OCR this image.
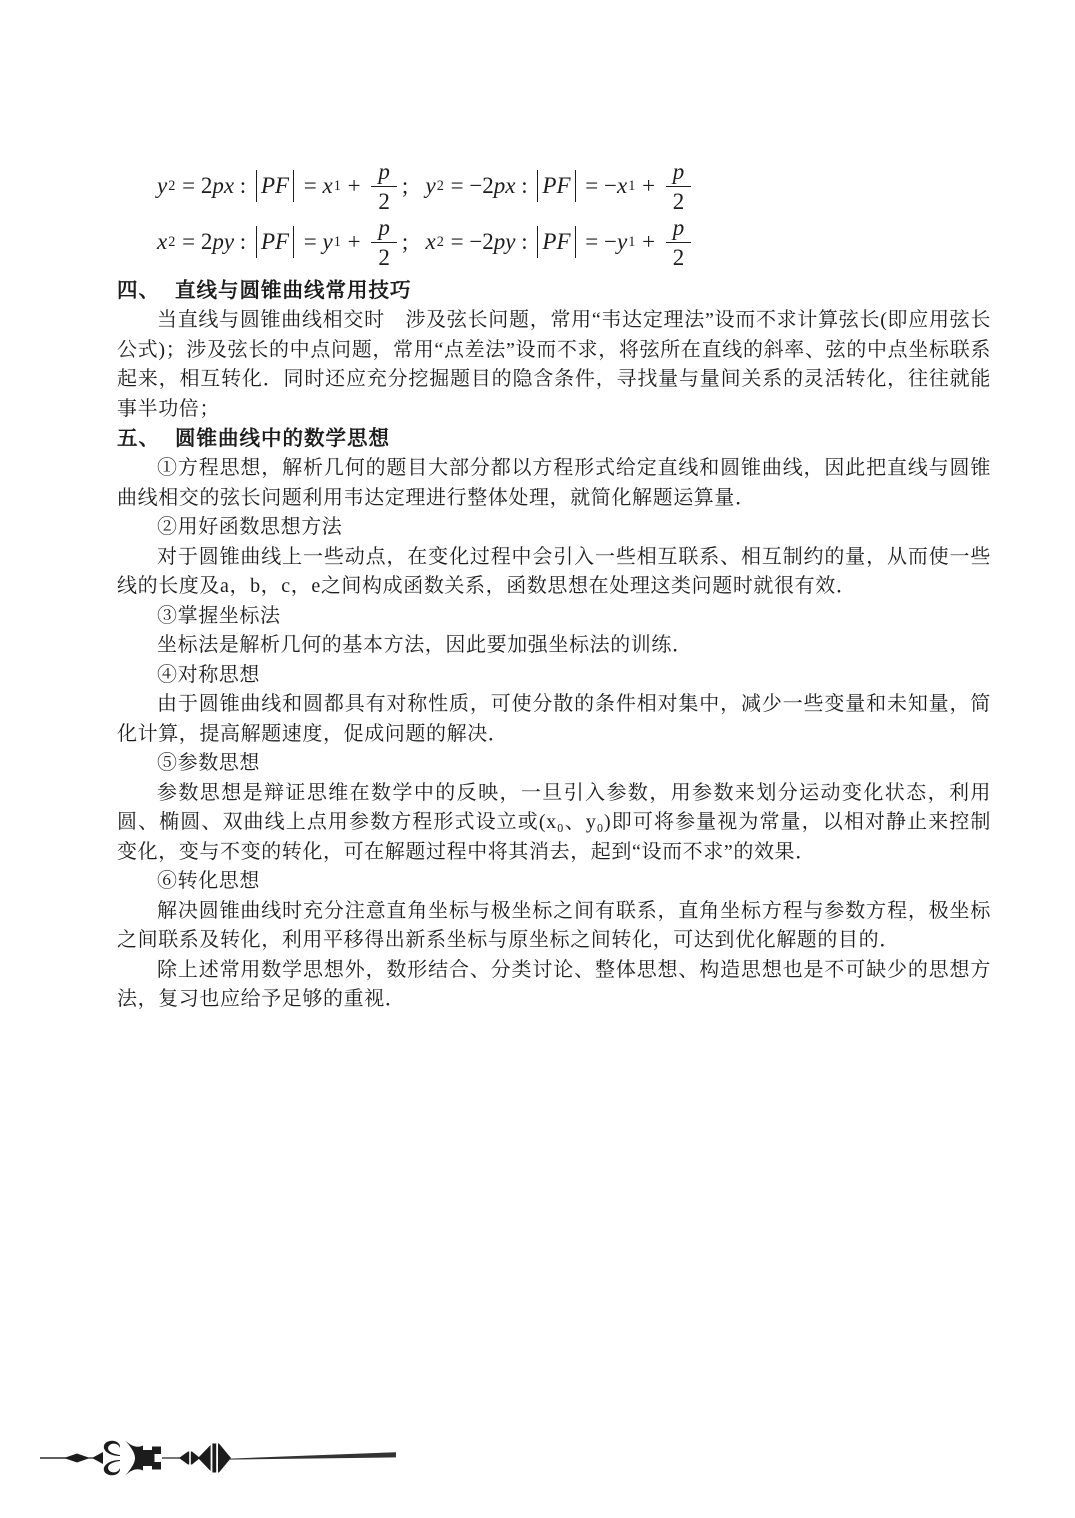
y 2 = 2 px : PF = x $1 + \frac{p}{2}$ ; y 2 = −2 px : PF = − x $1 + \frac{p}{2}$
x 2 = 2 py : PF = y $1 + \frac{p}{2}$ ; x 2 = −2 py : PF = − y $1 + \frac{p}{2}$
四、 直线与圆锥曲线常用技巧

当直线与圆锥曲线相交时　涉及弦长问题，常用“韦达定理法”设而不求计算弦长(即应用弦长公式)；涉及弦长的中点问题，常用“点差法”设而不求，将弦所在直线的斜率、弦的中点坐标联系起来，相互转化．同时还应充分挖掘题目的隐含条件，寻找量与量间关系的灵活转化，往往就能事半功倍；

五、 圆锥曲线中的数学思想

①方程思想，解析几何的题目大部分都以方程形式给定直线和圆锥曲线，因此把直线与圆锥曲线相交的弦长问题利用韦达定理进行整体处理，就简化解题运算量．

②用好函数思想方法

对于圆锥曲线上一些动点，在变化过程中会引入一些相互联系、相互制约的量，从而使一些线的长度及a，b，c，e之间构成函数关系，函数思想在处理这类问题时就很有效．

③掌握坐标法

坐标法是解析几何的基本方法，因此要加强坐标法的训练．

④对称思想

由于圆锥曲线和圆都具有对称性质，可使分散的条件相对集中，减少一些变量和未知量，简化计算，提高解题速度，促成问题的解决．

⑤参数思想

参数思想是辩证思维在数学中的反映，一旦引入参数，用参数来划分运动变化状态，利用圆、椭圆、双曲线上点用参数方程形式设立或(x₀、y₀)即可将参量视为常量，以相对静止来控制变化，变与不变的转化，可在解题过程中将其消去，起到“设而不求”的效果．

⑥转化思想

解决圆锥曲线时充分注意直角坐标与极坐标之间有联系，直角坐标方程与参数方程，极坐标之间联系及转化，利用平移得出新系坐标与原坐标之间转化，可达到优化解题的目的．

除上述常用数学思想外，数形结合、分类讨论、整体思想、构造思想也是不可缺少的思想方法，复习也应给予足够的重视．
